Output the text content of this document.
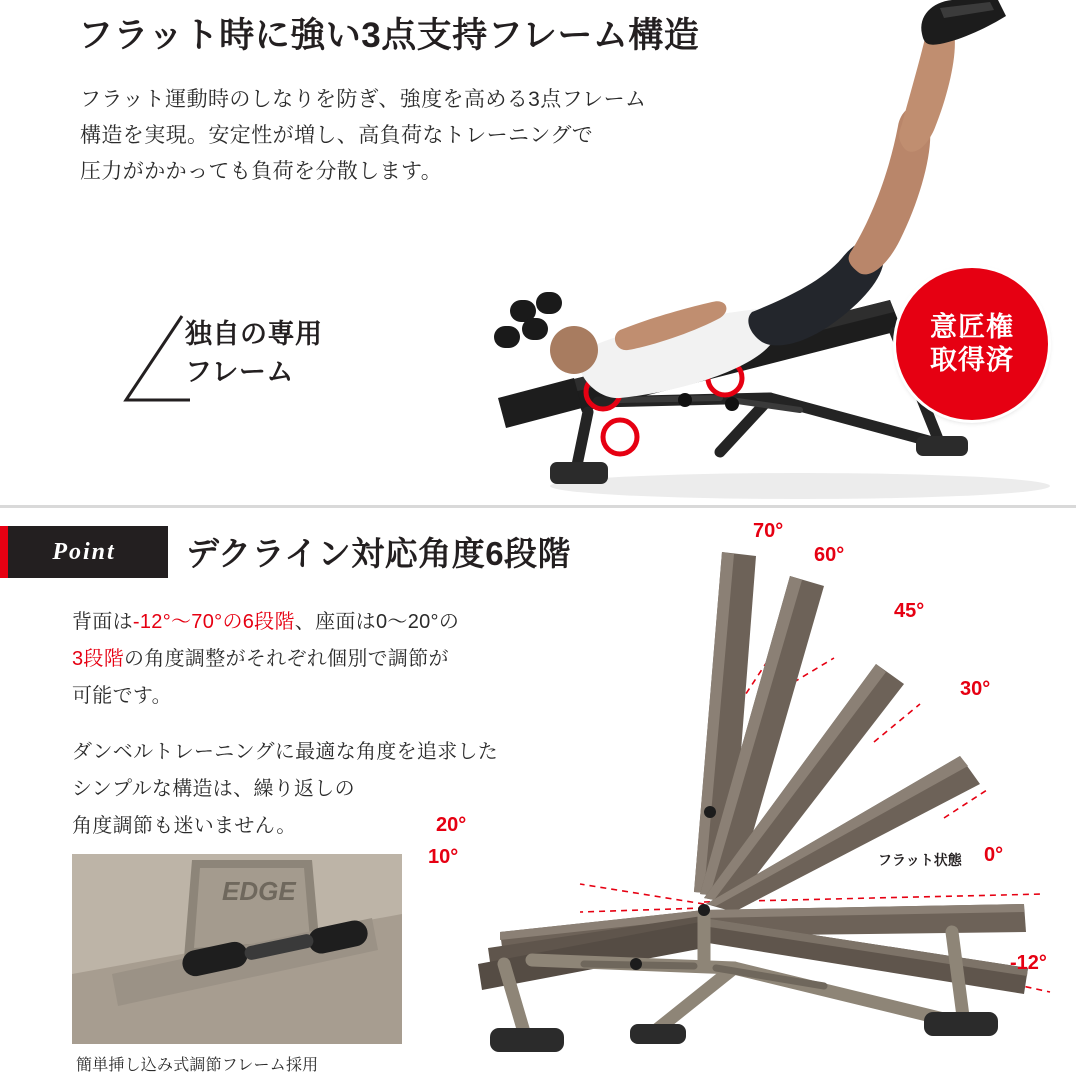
フラット時に強い3点支持フレーム構造
フラット運動時のしなりを防ぎ、強度を高める3点フレーム
構造を実現。安定性が増し、高負荷なトレーニングで
圧力がかかっても負荷を分散します。
独自の専用
フレーム
意匠権
取得済
Point デクライン対応角度6段階
背面は-12°〜70°の6段階、座面は0〜20°の
3段階の角度調整がそれぞれ個別で調節が
可能です。
ダンベルトレーニングに最適な角度を追求した
シンプルな構造は、繰り返しの
角度調節も迷いません。
EDGE
簡単挿し込み式調節フレーム採用
70°
60°
45°
30°
20°
10°	0°
-12°
フラット状態
